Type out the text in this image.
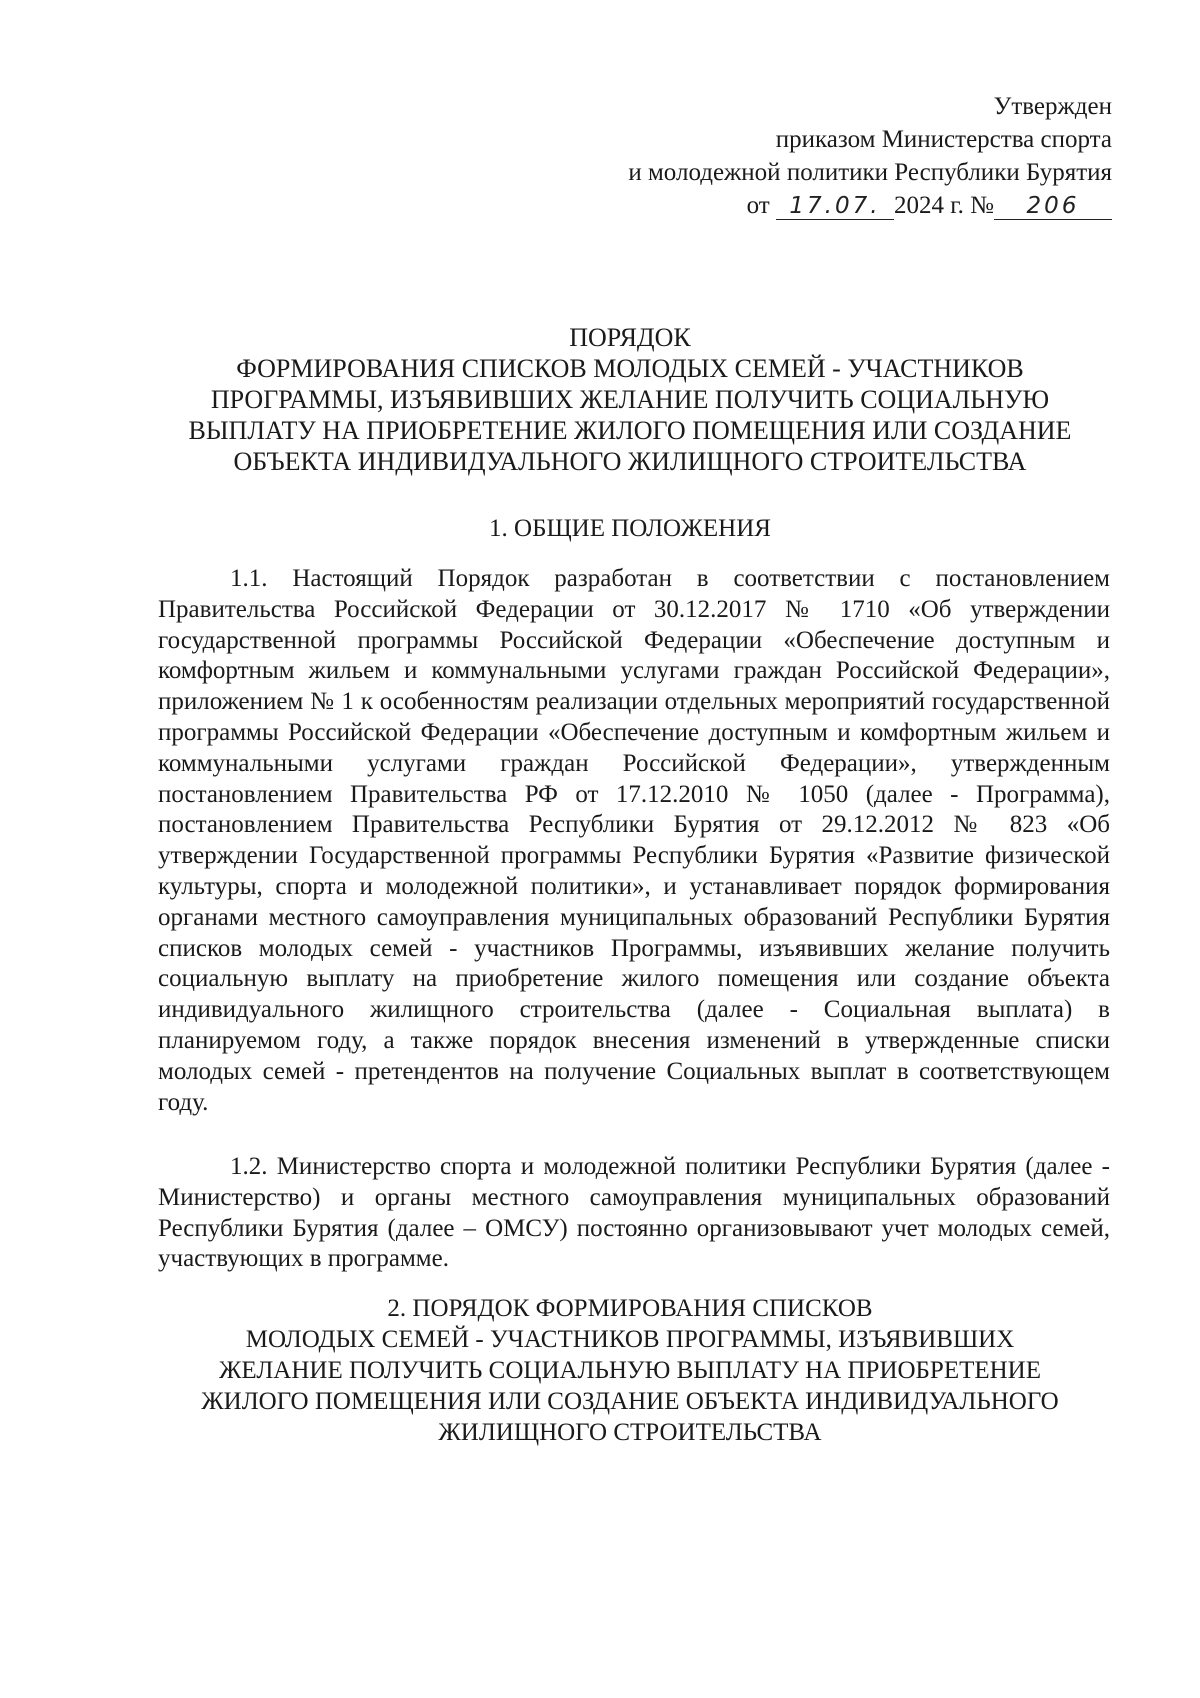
Утвержден
приказом Министерства спорта
и молодежной политики Республики Бурятия
от 17.07. 2024 г. № 206
ПОРЯДОК
ФОРМИРОВАНИЯ СПИСКОВ МОЛОДЫХ СЕМЕЙ - УЧАСТНИКОВ
ПРОГРАММЫ, ИЗЪЯВИВШИХ ЖЕЛАНИЕ ПОЛУЧИТЬ СОЦИАЛЬНУЮ
ВЫПЛАТУ НА ПРИОБРЕТЕНИЕ ЖИЛОГО ПОМЕЩЕНИЯ ИЛИ СОЗДАНИЕ
ОБЪЕКТА ИНДИВИДУАЛЬНОГО ЖИЛИЩНОГО СТРОИТЕЛЬСТВА
1. ОБЩИЕ ПОЛОЖЕНИЯ

1.1. Настоящий Порядок разработан в соответствии с постановлением Правительства Российской Федерации от 30.12.2017 № 1710 «Об утверждении государственной программы Российской Федерации «Обеспечение доступным и комфортным жильем и коммунальными услугами граждан Российской Федерации», приложением № 1 к особенностям реализации отдельных мероприятий государственной программы Российской Федерации «Обеспечение доступным и комфортным жильем и коммунальными услугами граждан Российской Федерации», утвержденным постановлением Правительства РФ от 17.12.2010 № 1050 (далее - Программа), постановлением Правительства Республики Бурятия от 29.12.2012 № 823 «Об утверждении Государственной программы Республики Бурятия «Развитие физической культуры, спорта и молодежной политики», и устанавливает порядок формирования органами местного самоуправления муниципальных образований Республики Бурятия списков молодых семей - участников Программы, изъявивших желание получить социальную выплату на приобретение жилого помещения или создание объекта индивидуального жилищного строительства (далее - Социальная выплата) в планируемом году, а также порядок внесения изменений в утвержденные списки молодых семей - претендентов на получение Социальных выплат в соответствующем году.

1.2. Министерство спорта и молодежной политики Республики Бурятия (далее - Министерство) и органы местного самоуправления муниципальных образований Республики Бурятия (далее – ОМСУ) постоянно организовывают учет молодых семей, участвующих в программе.

2. ПОРЯДОК ФОРМИРОВАНИЯ СПИСКОВ
МОЛОДЫХ СЕМЕЙ - УЧАСТНИКОВ ПРОГРАММЫ, ИЗЪЯВИВШИХ
ЖЕЛАНИЕ ПОЛУЧИТЬ СОЦИАЛЬНУЮ ВЫПЛАТУ НА ПРИОБРЕТЕНИЕ
ЖИЛОГО ПОМЕЩЕНИЯ ИЛИ СОЗДАНИЕ ОБЪЕКТА ИНДИВИДУАЛЬНОГО
ЖИЛИЩНОГО СТРОИТЕЛЬСТВА
